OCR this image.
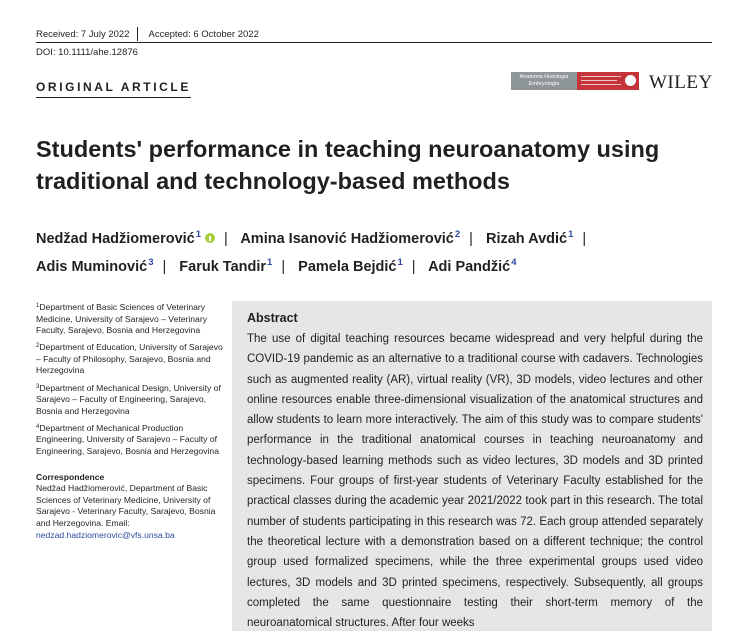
Received: 7 July 2022 Accepted: 6 October 2022
DOI: 10.1111/ahe.12876
ORIGINAL ARTICLE
Anatomia Histologia
Embryologia	WILEY
Students' performance in teaching neuroanatomy using traditional and technology-based methods
Nedžad Hadžiomerović$^1$ | Amina Isanović Hadžiomerović$^2$ | Rizah Avdić$^1$ |
Adis Muminović$^3$ | Faruk Tandir$^1$ | Pamela Bejdić$^1$ | Adi Pandžić$^4$
$^1$Department of Basic Sciences of Veterinary Medicine, University of Sarajevo – Veterinary Faculty, Sarajevo, Bosnia and Herzegovina
$^2$Department of Education, University of Sarajevo – Faculty of Philosophy, Sarajevo, Bosnia and Herzegovina
$^3$Department of Mechanical Design, University of Sarajevo – Faculty of Engineering, Sarajevo, Bosnia and Herzegovina
$^4$Department of Mechanical Production Engineering, University of Sarajevo – Faculty of Engineering, Sarajevo, Bosnia and Herzegovina
Correspondence
Nedžad Hadžiomerović, Department of Basic Sciences of Veterinary Medicine, University of Sarajevo - Veterinary Faculty, Sarajevo, Bosnia and Herzegovina. Email: nedzad.hadziomerovic@vfs.unsa.ba
Abstract

The use of digital teaching resources became widespread and very helpful during the COVID-19 pandemic as an alternative to a traditional course with cadavers. Technologies such as augmented reality (AR), virtual reality (VR), 3D models, video lectures and other online resources enable three-dimensional visualization of the anatomical structures and allow students to learn more interactively. The aim of this study was to compare students' performance in the traditional anatomical courses in teaching neuroanatomy and technology-based learning methods such as video lectures, 3D models and 3D printed specimens. Four groups of first-year students of Veterinary Faculty established for the practical classes during the academic year 2021/2022 took part in this research. The total number of students participating in this research was 72. Each group attended separately the theoretical lecture with a demonstration based on a different technique; the control group used formalized specimens, while the three experimental groups used video lectures, 3D models and 3D printed specimens, respectively. Subsequently, all groups completed the same questionnaire testing their short-term memory of the neuroanatomical structures. After four weeks
